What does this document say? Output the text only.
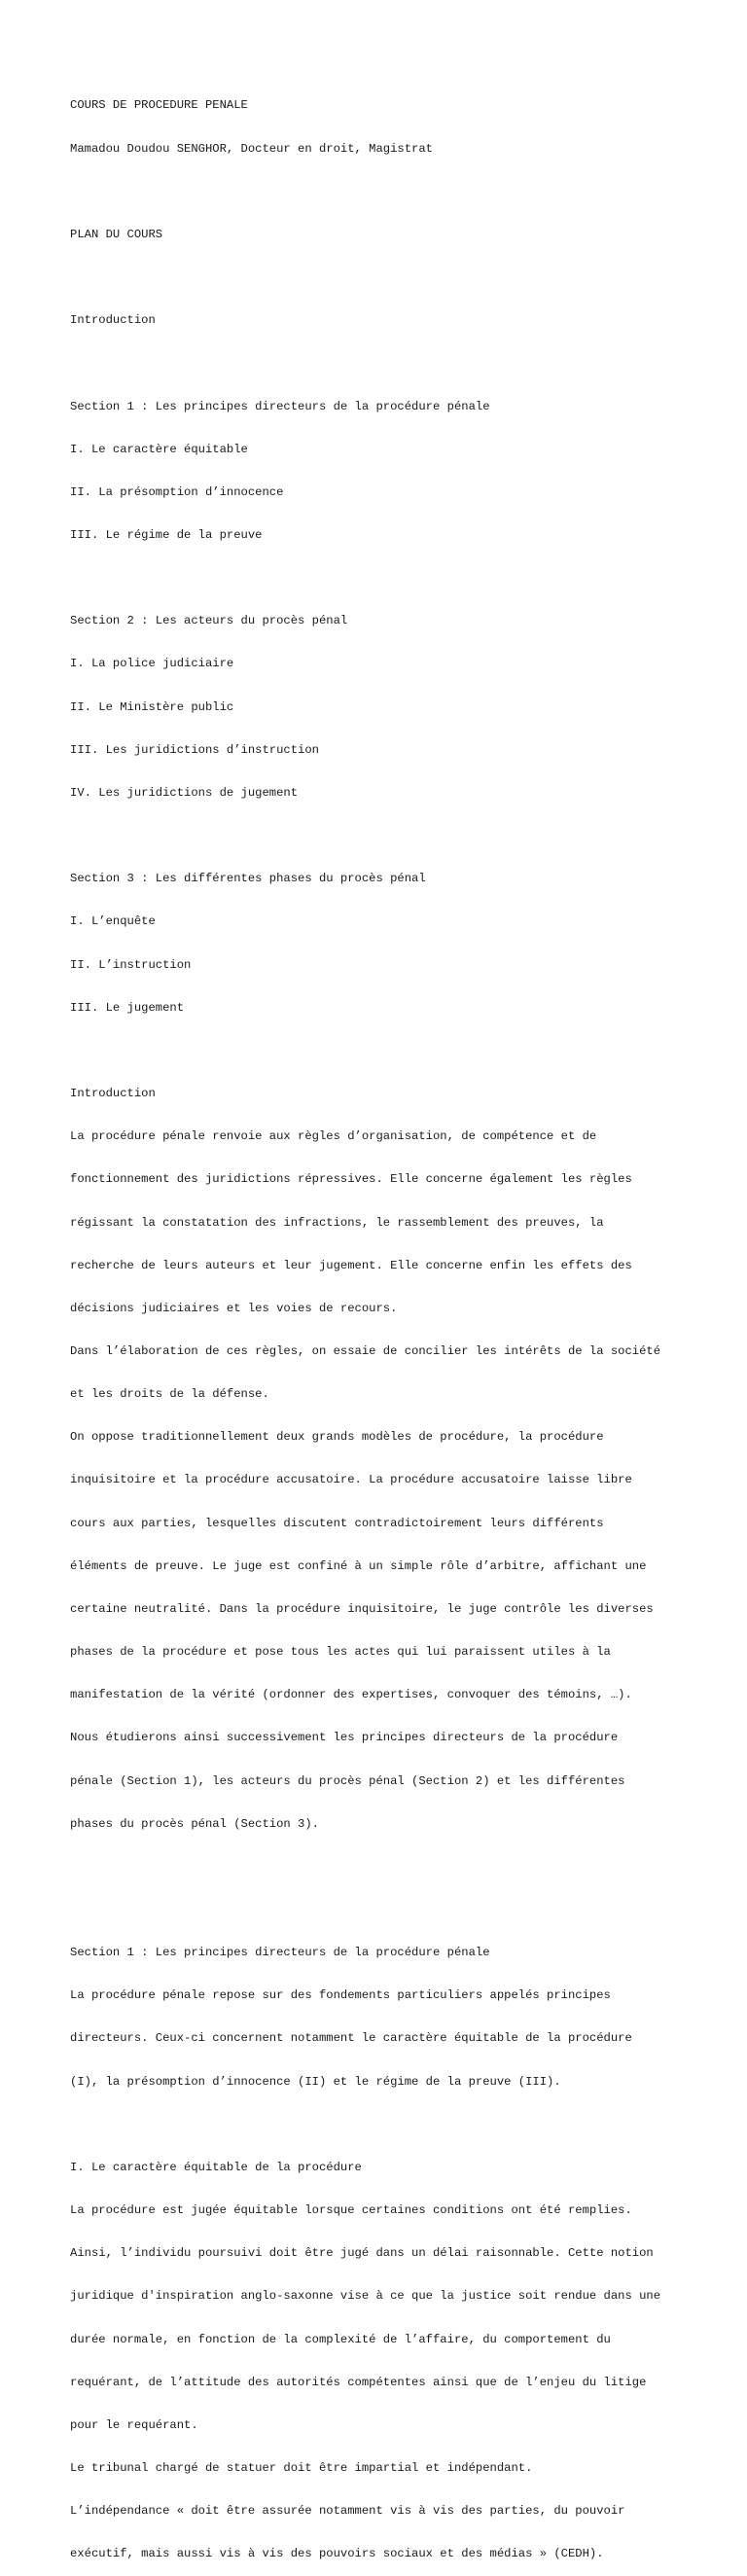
COURS DE PROCEDURE PENALE

Mamadou Doudou SENGHOR, Docteur en droit, Magistrat

PLAN DU COURS

Introduction

Section 1 : Les principes directeurs de la procédure pénale

I. Le caractère équitable

II. La présomption d’innocence

III. Le régime de la preuve

Section 2 : Les acteurs du procès pénal

I. La police judiciaire

II. Le Ministère public

III. Les juridictions d’instruction

IV. Les juridictions de jugement

Section 3 : Les différentes phases du procès pénal

I. L’enquête

II. L’instruction

III. Le jugement

Introduction

La procédure pénale renvoie aux règles d’organisation, de compétence et de

fonctionnement des juridictions répressives. Elle concerne également les règles

régissant la constatation des infractions, le rassemblement des preuves, la

recherche de leurs auteurs et leur jugement. Elle concerne enfin les effets des

décisions judiciaires et les voies de recours.

Dans l’élaboration de ces règles, on essaie de concilier les intérêts de la société

et les droits de la défense.

On oppose traditionnellement deux grands modèles de procédure, la procédure

inquisitoire et la procédure accusatoire. La procédure accusatoire laisse libre

cours aux parties, lesquelles discutent contradictoirement leurs différents

éléments de preuve. Le juge est confiné à un simple rôle d’arbitre, affichant une

certaine neutralité. Dans la procédure inquisitoire, le juge contrôle les diverses

phases de la procédure et pose tous les actes qui lui paraissent utiles à la

manifestation de la vérité (ordonner des expertises, convoquer des témoins, …).

Nous étudierons ainsi successivement les principes directeurs de la procédure

pénale (Section 1), les acteurs du procès pénal (Section 2) et les différentes

phases du procès pénal (Section 3).

Section 1 : Les principes directeurs de la procédure pénale

La procédure pénale repose sur des fondements particuliers appelés principes

directeurs. Ceux-ci concernent notamment le caractère équitable de la procédure

(I), la présomption d’innocence (II) et le régime de la preuve (III).

I. Le caractère équitable de la procédure

La procédure est jugée équitable lorsque certaines conditions ont été remplies.

Ainsi, l’individu poursuivi doit être jugé dans un délai raisonnable. Cette notion

juridique d'inspiration anglo-saxonne vise à ce que la justice soit rendue dans une

durée normale, en fonction de la complexité de l’affaire, du comportement du

requérant, de l’attitude des autorités compétentes ainsi que de l’enjeu du litige

pour le requérant.

Le tribunal chargé de statuer doit être impartial et indépendant.

L’indépendance « doit être assurée notamment vis à vis des parties, du pouvoir

exécutif, mais aussi vis à vis des pouvoirs sociaux et des médias » (CEDH).
